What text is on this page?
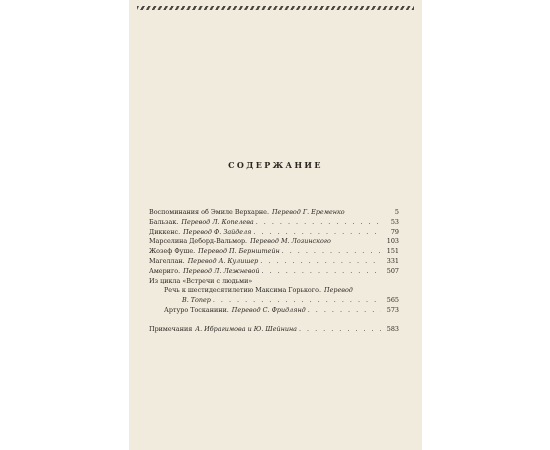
СОДЕРЖАНИЕ
Воспоминания об Эмиле Верхарне. Перевод Г. Еременко	5
Бальзак. Перевод Л. Копелева . . .	53
Диккенс. Перевод Ф. Зайделя . . .	79
Марселина Деборд-Вальмор. Перевод М. Лозинского	103
Жозеф Фуше. Перевод П. Бернштейн . . .	151
Магеллан. Перевод А. Кулишер . . .	331
Америго. Перевод Л. Лежневой . . .	507
Из цикла «Встречи с людьми»
Речь к шестидесятилетию Максима Горького. Перевод
В. Топер . . .	565
Артуро Тосканини. Перевод С. Фридлянд . . .	573
Примечания А. Ибрагимова и Ю. Шейнина . . .	583
